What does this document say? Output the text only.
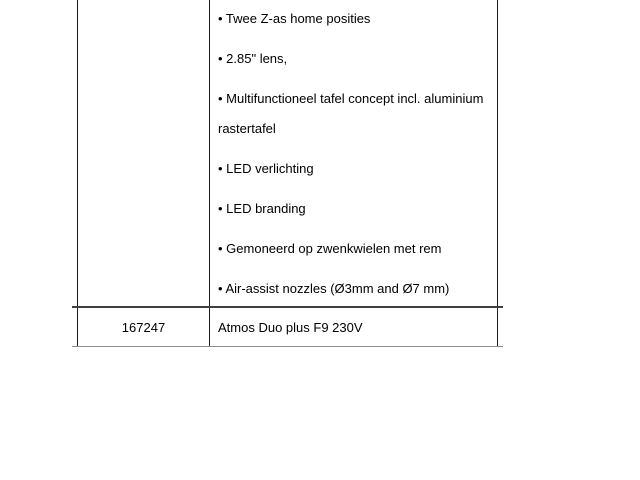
• Twee Z-as home posities

• 2.85" lens,

• Multifunctioneel tafel concept incl. aluminium rastertafel

• LED verlichting

• LED branding

• Gemoneerd op zwenkwielen met rem

• Air-assist nozzles (Ø3mm and Ø7 mm)

167247	Atmos Duo plus F9 230V
